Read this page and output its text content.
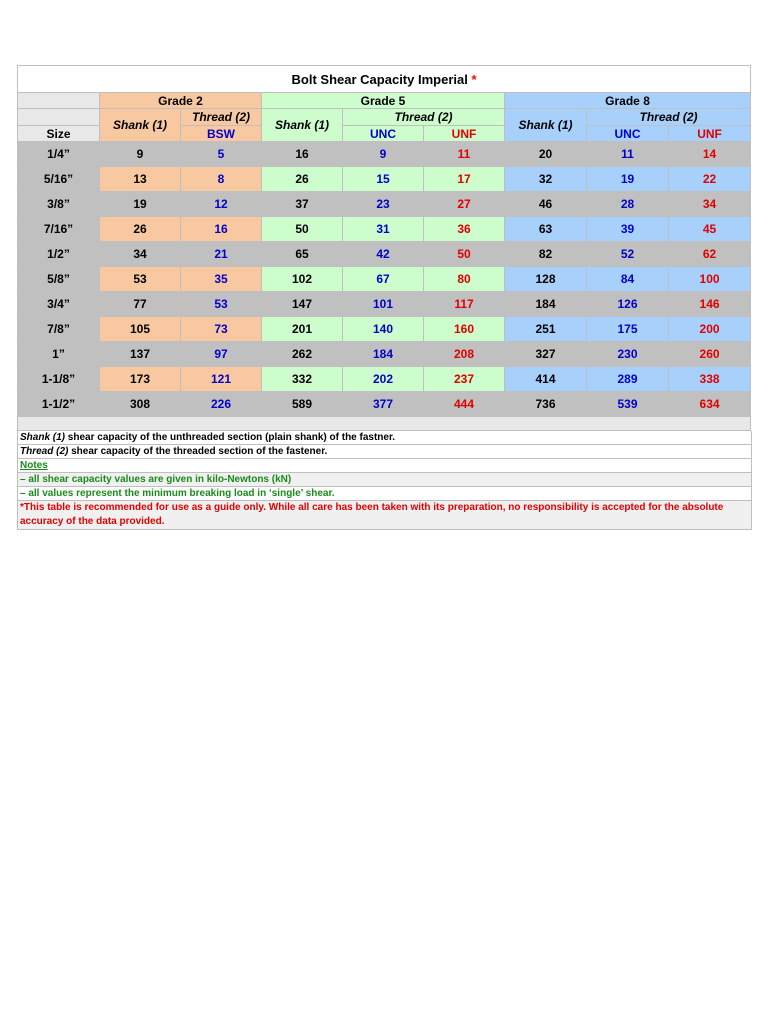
Bolt Shear Capacity Imperial *								
	Grade 2		Grade 5			Grade 8		
	Shank (1)	Thread (2)	Shank (1)	Thread (2)		Shank (1)	Thread (2)	
Size		BSW		UNC	UNF		UNC	UNF
1/4”	9	5	16	9	11	20	11	14
5/16”	13	8	26	15	17	32	19	22
3/8”	19	12	37	23	27	46	28	34
7/16”	26	16	50	31	36	63	39	45
1/2”	34	21	65	42	50	82	52	62
5/8”	53	35	102	67	80	128	84	100
3/4”	77	53	147	101	117	184	126	146
7/8”	105	73	201	140	160	251	175	200
1”	137	97	262	184	208	327	230	260
1-1/8”	173	121	332	202	237	414	289	338
1-1/2”	308	226	589	377	444	736	539	634

Shank (1) shear capacity of the unthreaded section (plain shank) of the fastner.
Thread (2) shear capacity of the threaded section of the fastener.
Notes
– all shear capacity values are given in kilo-Newtons (kN)
– all values represent the minimum breaking load in ‘single’ shear.
*This table is recommended for use as a guide only. While all care has been taken with its preparation, no responsibility is accepted for the absolute accuracy of the data provided.
